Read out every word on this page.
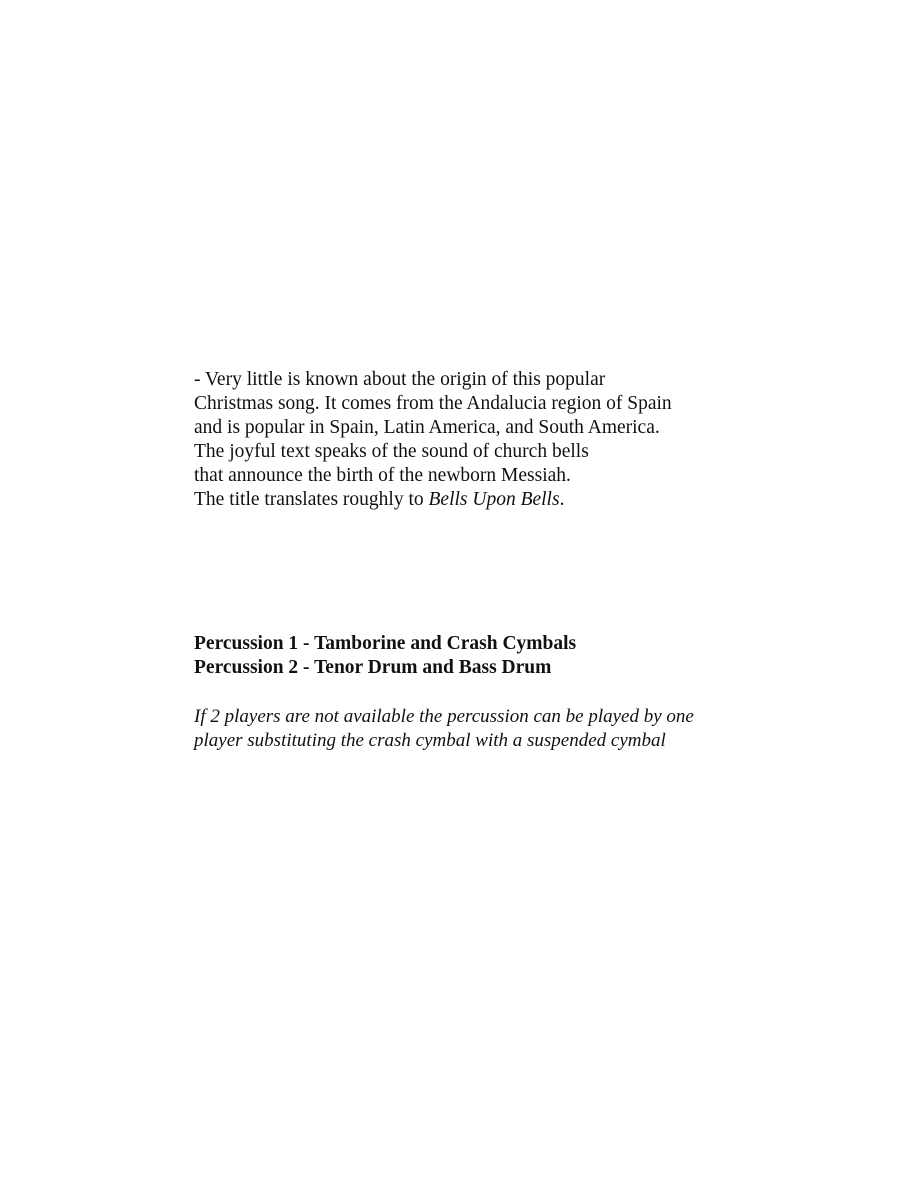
- Very little is known about the origin of this popular
Christmas song. It comes from the Andalucia region of Spain
and is popular in Spain, Latin America, and South America.
The joyful text speaks of the sound of church bells
that announce the birth of the newborn Messiah.
The title translates roughly to Bells Upon Bells.
Percussion 1 - Tamborine and Crash Cymbals
Percussion 2 - Tenor Drum and Bass Drum
If 2 players are not available the percussion can be played by one
player substituting the crash cymbal with a suspended cymbal
